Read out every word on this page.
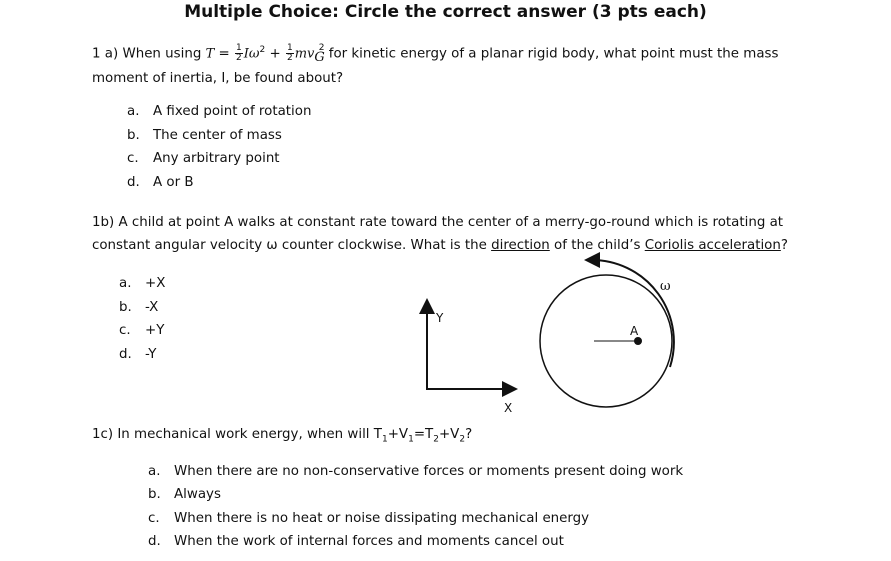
Multiple Choice: Circle the correct answer (3 pts each)
1 a) When using $T = \frac{1}{2} I\omega^2 + \frac{1}{2} mv_G^2$ for kinetic energy of a planar rigid body, what point must the mass
moment of inertia, I, be found about?
a. A fixed point of rotation
b. The center of mass
c. Any arbitrary point
d. A or B
1b) A child at point A walks at constant rate toward the center of a merry-go-round which is rotating at
constant angular velocity ω counter clockwise. What is the direction of the child’s Coriolis acceleration?
a. +X
b. -X
c. +Y
d. -Y
Y
X
A
ω
1c) In mechanical work energy, when will $T_1+V_1=T_2+V_2$?
a. When there are no non-conservative forces or moments present doing work
b. Always
c. When there is no heat or noise dissipating mechanical energy
d. When the work of internal forces and moments cancel out
